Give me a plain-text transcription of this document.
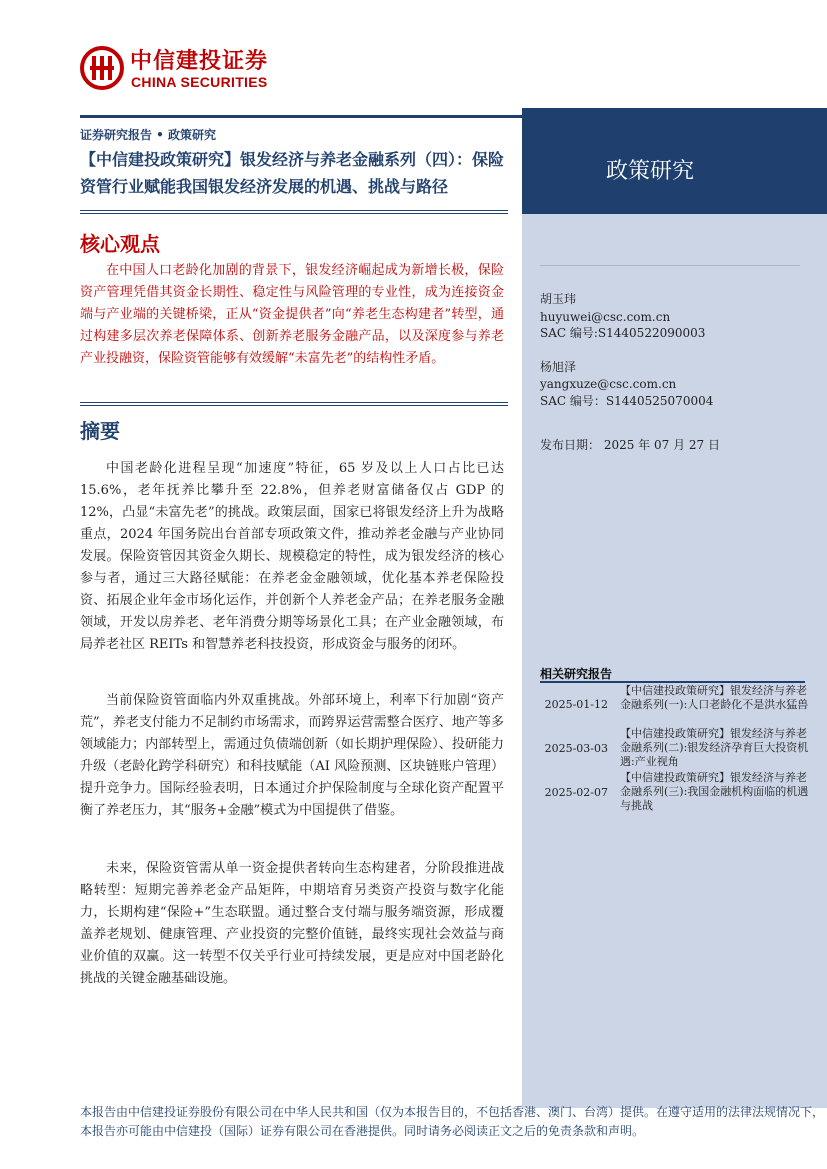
中信建投证券
CHINA SECURITIES
政策研究
胡玉玮
huyuwei@csc.com.cn
SAC 编号:S1440522090003
杨旭泽
yangxuze@csc.com.cn
SAC 编号：S1440525070004
发布日期： 2025 年 07 月 27 日
相关研究报告
2025-01-12
【中信建投政策研究】银发经济与养老金融系列(一):人口老龄化不是洪水猛兽
2025-03-03
【中信建投政策研究】银发经济与养老金融系列(二):银发经济孕育巨大投资机遇:产业视角
2025-02-07
【中信建投政策研究】银发经济与养老金融系列(三):我国金融机构面临的机遇与挑战
证券研究报告 • 政策研究
【中信建投政策研究】银发经济与养老金融系列（四）：保险资管行业赋能我国银发经济发展的机遇、挑战与路径
核心观点
在中国人口老龄化加剧的背景下，银发经济崛起成为新增长极，保险资产管理凭借其资金长期性、稳定性与风险管理的专业性，成为连接资金端与产业端的关键桥梁，正从“资金提供者”向“养老生态构建者”转型，通过构建多层次养老保障体系、创新养老服务金融产品，以及深度参与养老产业投融资，保险资管能够有效缓解“未富先老”的结构性矛盾。
摘要
中国老龄化进程呈现“加速度”特征，65 岁及以上人口占比已达 15.6%，老年抚养比攀升至 22.8%，但养老财富储备仅占 GDP 的 12%，凸显“未富先老”的挑战。政策层面，国家已将银发经济上升为战略重点，2024 年国务院出台首部专项政策文件，推动养老金融与产业协同发展。保险资管因其资金久期长、规模稳定的特性，成为银发经济的核心参与者，通过三大路径赋能：在养老金金融领域，优化基本养老保险投资、拓展企业年金市场化运作，并创新个人养老金产品；在养老服务金融领域，开发以房养老、老年消费分期等场景化工具；在产业金融领域，布局养老社区 REITs 和智慧养老科技投资，形成资金与服务的闭环。
当前保险资管面临内外双重挑战。外部环境上，利率下行加剧“资产荒”，养老支付能力不足制约市场需求，而跨界运营需整合医疗、地产等多领域能力；内部转型上，需通过负债端创新（如长期护理保险）、投研能力升级（老龄化跨学科研究）和科技赋能（AI 风险预测、区块链账户管理）提升竞争力。国际经验表明，日本通过介护保险制度与全球化资产配置平衡了养老压力，其“服务+金融”模式为中国提供了借鉴。
未来，保险资管需从单一资金提供者转向生态构建者，分阶段推进战略转型：短期完善养老金产品矩阵，中期培育另类资产投资与数字化能力，长期构建“保险+”生态联盟。通过整合支付端与服务端资源，形成覆盖养老规划、健康管理、产业投资的完整价值链，最终实现社会效益与商业价值的双赢。这一转型不仅关乎行业可持续发展，更是应对中国老龄化挑战的关键金融基础设施。
本报告由中信建投证券股份有限公司在中华人民共和国（仅为本报告目的，不包括香港、澳门、台湾）提供。在遵守适用的法律法规情况下，本报告亦可能由中信建投（国际）证券有限公司在香港提供。同时请务必阅读正文之后的免责条款和声明。
